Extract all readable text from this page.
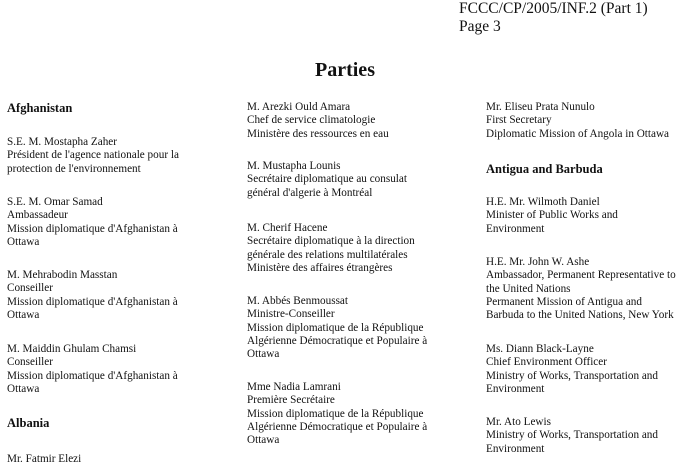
FCCC/CP/2005/INF.2 (Part 1)
Page 3
Parties
Afghanistan
S.E. M. Mostapha Zaher
Président de l'agence nationale pour la
protection de l'environnement
S.E. M. Omar Samad
Ambassadeur
Mission diplomatique d'Afghanistan à
Ottawa
M. Mehrabodin Masstan
Conseiller
Mission diplomatique d'Afghanistan à
Ottawa
M. Maiddin Ghulam Chamsi
Conseiller
Mission diplomatique d'Afghanistan à
Ottawa
Albania
Mr. Fatmir Elezi
M. Arezki Ould Amara
Chef de service climatologie
Ministère des ressources en eau
M. Mustapha Lounis
Secrétaire diplomatique au consulat
général d'algerie à Montréal
M. Cherif Hacene
Secrétaire diplomatique à la direction
générale des relations multilatérales
Ministère des affaires étrangères
M. Abbés Benmoussat
Ministre-Conseiller
Mission diplomatique de la République
Algérienne Démocratique et Populaire à
Ottawa
Mme Nadia Lamrani
Première Secrétaire
Mission diplomatique de la République
Algérienne Démocratique et Populaire à
Ottawa
Mr. Eliseu Prata Nunulo
First Secretary
Diplomatic Mission of Angola in Ottawa
Antigua and Barbuda
H.E. Mr. Wilmoth Daniel
Minister of Public Works and
Environment
H.E. Mr. John W. Ashe
Ambassador, Permanent Representative to
the United Nations
Permanent Mission of Antigua and
Barbuda to the United Nations, New York
Ms. Diann Black-Layne
Chief Environment Officer
Ministry of Works, Transportation and
Environment
Mr. Ato Lewis
Ministry of Works, Transportation and
Environment
